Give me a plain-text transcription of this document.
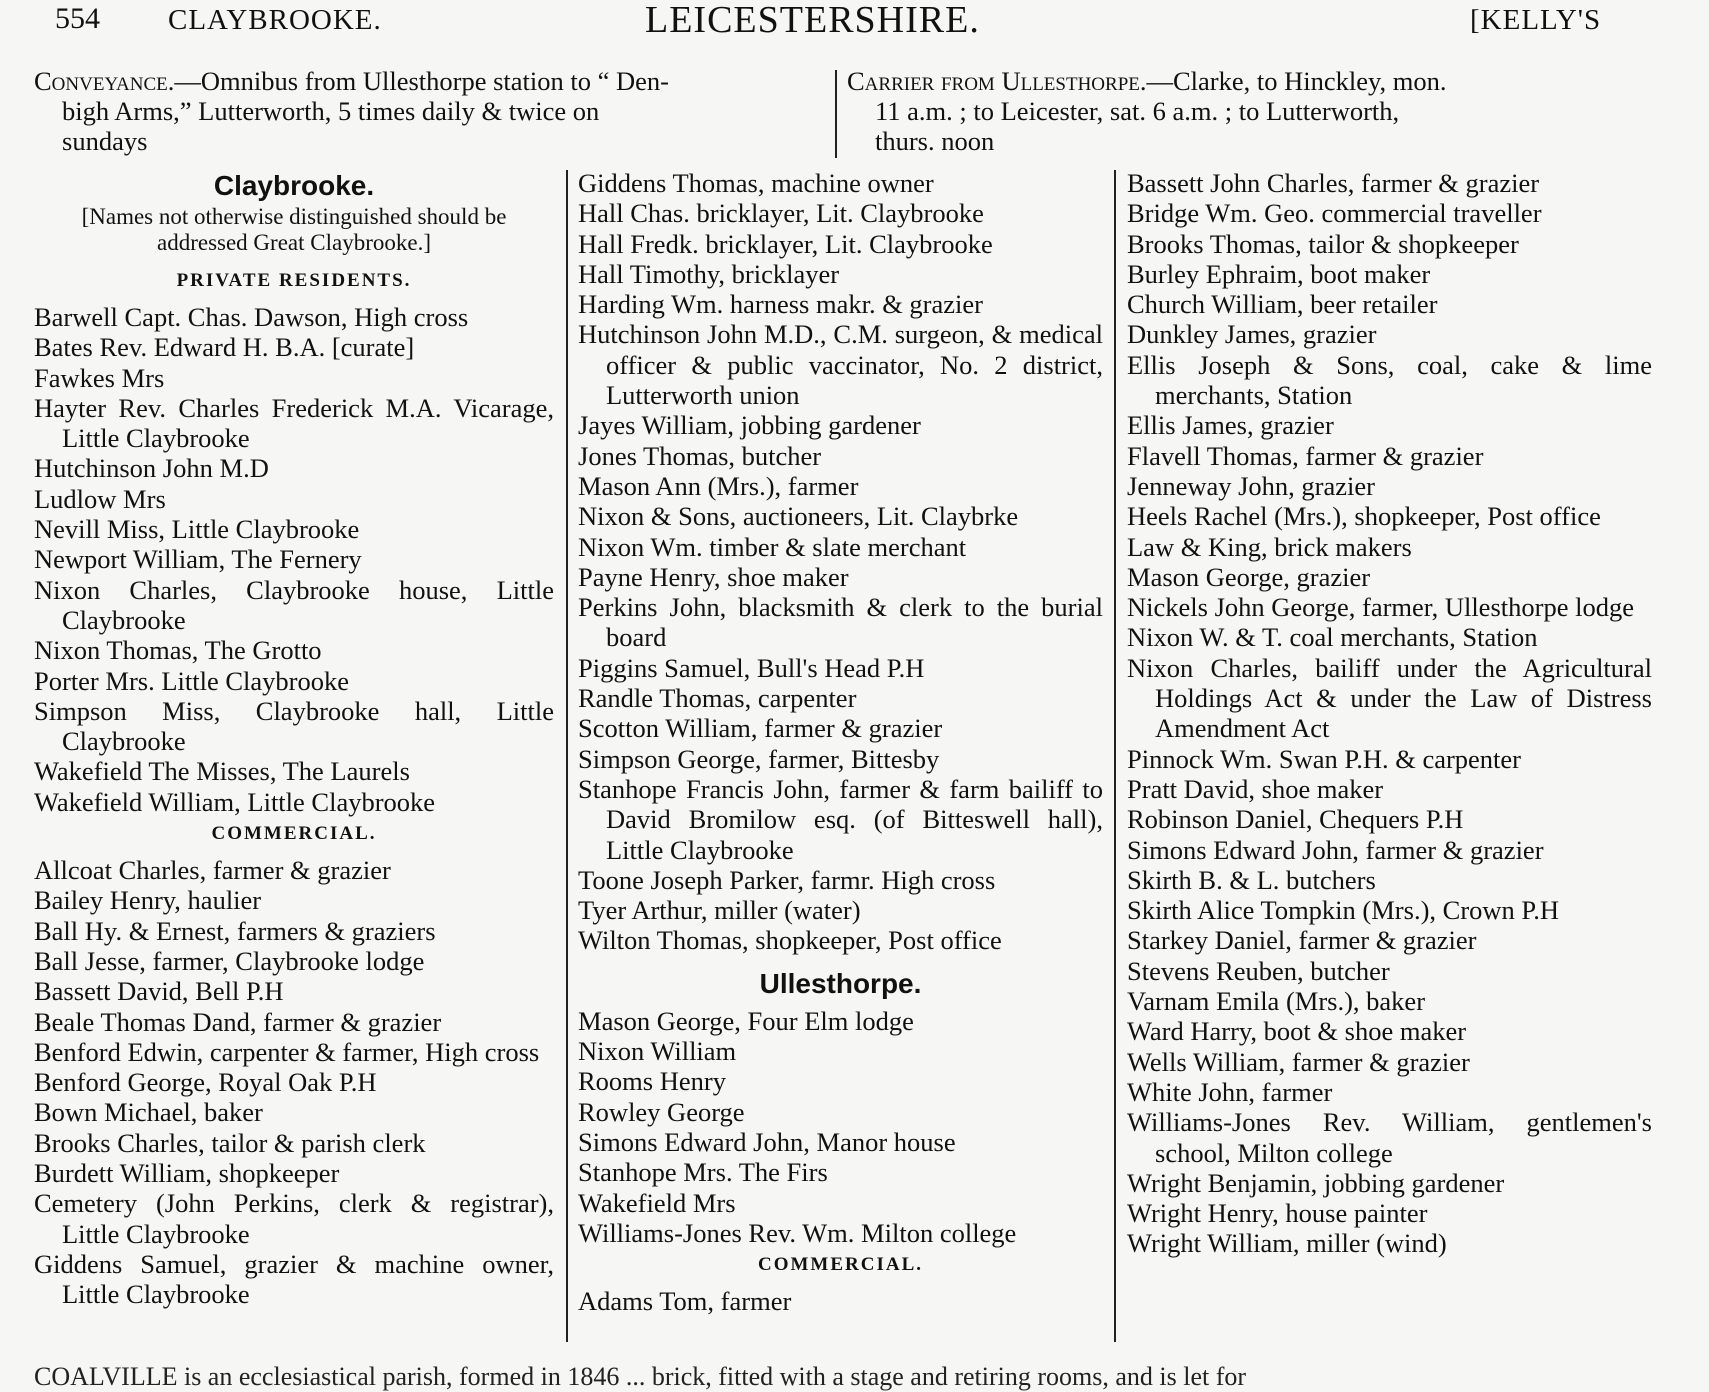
554 CLAYBROOKE.	LEICESTERSHIRE.	[KELLY'S
Conveyance.—Omnibus from Ullesthorpe station to “ Den-
bigh Arms,” Lutterworth, 5 times daily & twice on
sundays
Carrier from Ullesthorpe.—Clarke, to Hinckley, mon.
11 a.m. ; to Leicester, sat. 6 a.m. ; to Lutterworth,
thurs. noon
Claybrooke.
[Names not otherwise distinguished should be addressed Great Claybrooke.]
PRIVATE RESIDENTS.
Barwell Capt. Chas. Dawson, High cross
Bates Rev. Edward H. B.A. [curate]
Fawkes Mrs
Hayter Rev. Charles Frederick M.A. Vicarage, Little Claybrooke
Hutchinson John M.D
Ludlow Mrs
Nevill Miss, Little Claybrooke
Newport William, The Fernery
Nixon Charles, Claybrooke house, Little Claybrooke
Nixon Thomas, The Grotto
Porter Mrs. Little Claybrooke
Simpson Miss, Claybrooke hall, Little Claybrooke
Wakefield The Misses, The Laurels
Wakefield William, Little Claybrooke
COMMERCIAL.
Allcoat Charles, farmer & grazier
Bailey Henry, haulier
Ball Hy. & Ernest, farmers & graziers
Ball Jesse, farmer, Claybrooke lodge
Bassett David, Bell P.H
Beale Thomas Dand, farmer & grazier
Benford Edwin, carpenter & farmer, High cross
Benford George, Royal Oak P.H
Bown Michael, baker
Brooks Charles, tailor & parish clerk
Burdett William, shopkeeper
Cemetery (John Perkins, clerk & registrar), Little Claybrooke
Giddens Samuel, grazier & machine owner, Little Claybrooke
Giddens Thomas, machine owner
Hall Chas. bricklayer, Lit. Claybrooke
Hall Fredk. bricklayer, Lit. Claybrooke
Hall Timothy, bricklayer
Harding Wm. harness makr. & grazier
Hutchinson John M.D., C.M. surgeon, & medical officer & public vaccinator, No. 2 district, Lutterworth union
Jayes William, jobbing gardener
Jones Thomas, butcher
Mason Ann (Mrs.), farmer
Nixon & Sons, auctioneers, Lit. Claybrke
Nixon Wm. timber & slate merchant
Payne Henry, shoe maker
Perkins John, blacksmith & clerk to the burial board
Piggins Samuel, Bull's Head P.H
Randle Thomas, carpenter
Scotton William, farmer & grazier
Simpson George, farmer, Bittesby
Stanhope Francis John, farmer & farm bailiff to David Bromilow esq. (of Bitteswell hall), Little Claybrooke
Toone Joseph Parker, farmr. High cross
Tyer Arthur, miller (water)
Wilton Thomas, shopkeeper, Post office
Ullesthorpe.
Mason George, Four Elm lodge
Nixon William
Rooms Henry
Rowley George
Simons Edward John, Manor house
Stanhope Mrs. The Firs
Wakefield Mrs
Williams-Jones Rev. Wm. Milton college
COMMERCIAL.
Adams Tom, farmer
Bassett John Charles, farmer & grazier
Bridge Wm. Geo. commercial traveller
Brooks Thomas, tailor & shopkeeper
Burley Ephraim, boot maker
Church William, beer retailer
Dunkley James, grazier
Ellis Joseph & Sons, coal, cake & lime merchants, Station
Ellis James, grazier
Flavell Thomas, farmer & grazier
Jenneway John, grazier
Heels Rachel (Mrs.), shopkeeper, Post office
Law & King, brick makers
Mason George, grazier
Nickels John George, farmer, Ullesthorpe lodge
Nixon W. & T. coal merchants, Station
Nixon Charles, bailiff under the Agricultural Holdings Act & under the Law of Distress Amendment Act
Pinnock Wm. Swan P.H. & carpenter
Pratt David, shoe maker
Robinson Daniel, Chequers P.H
Simons Edward John, farmer & grazier
Skirth B. & L. butchers
Skirth Alice Tompkin (Mrs.), Crown P.H
Starkey Daniel, farmer & grazier
Stevens Reuben, butcher
Varnam Emila (Mrs.), baker
Ward Harry, boot & shoe maker
Wells William, farmer & grazier
White John, farmer
Williams-Jones Rev. William, gentlemen's school, Milton college
Wright Benjamin, jobbing gardener
Wright Henry, house painter
Wright William, miller (wind)
COALVILLE is an ecclesiastical parish, formed in 1846 ... brick, fitted with a stage and retiring rooms, and is let for
